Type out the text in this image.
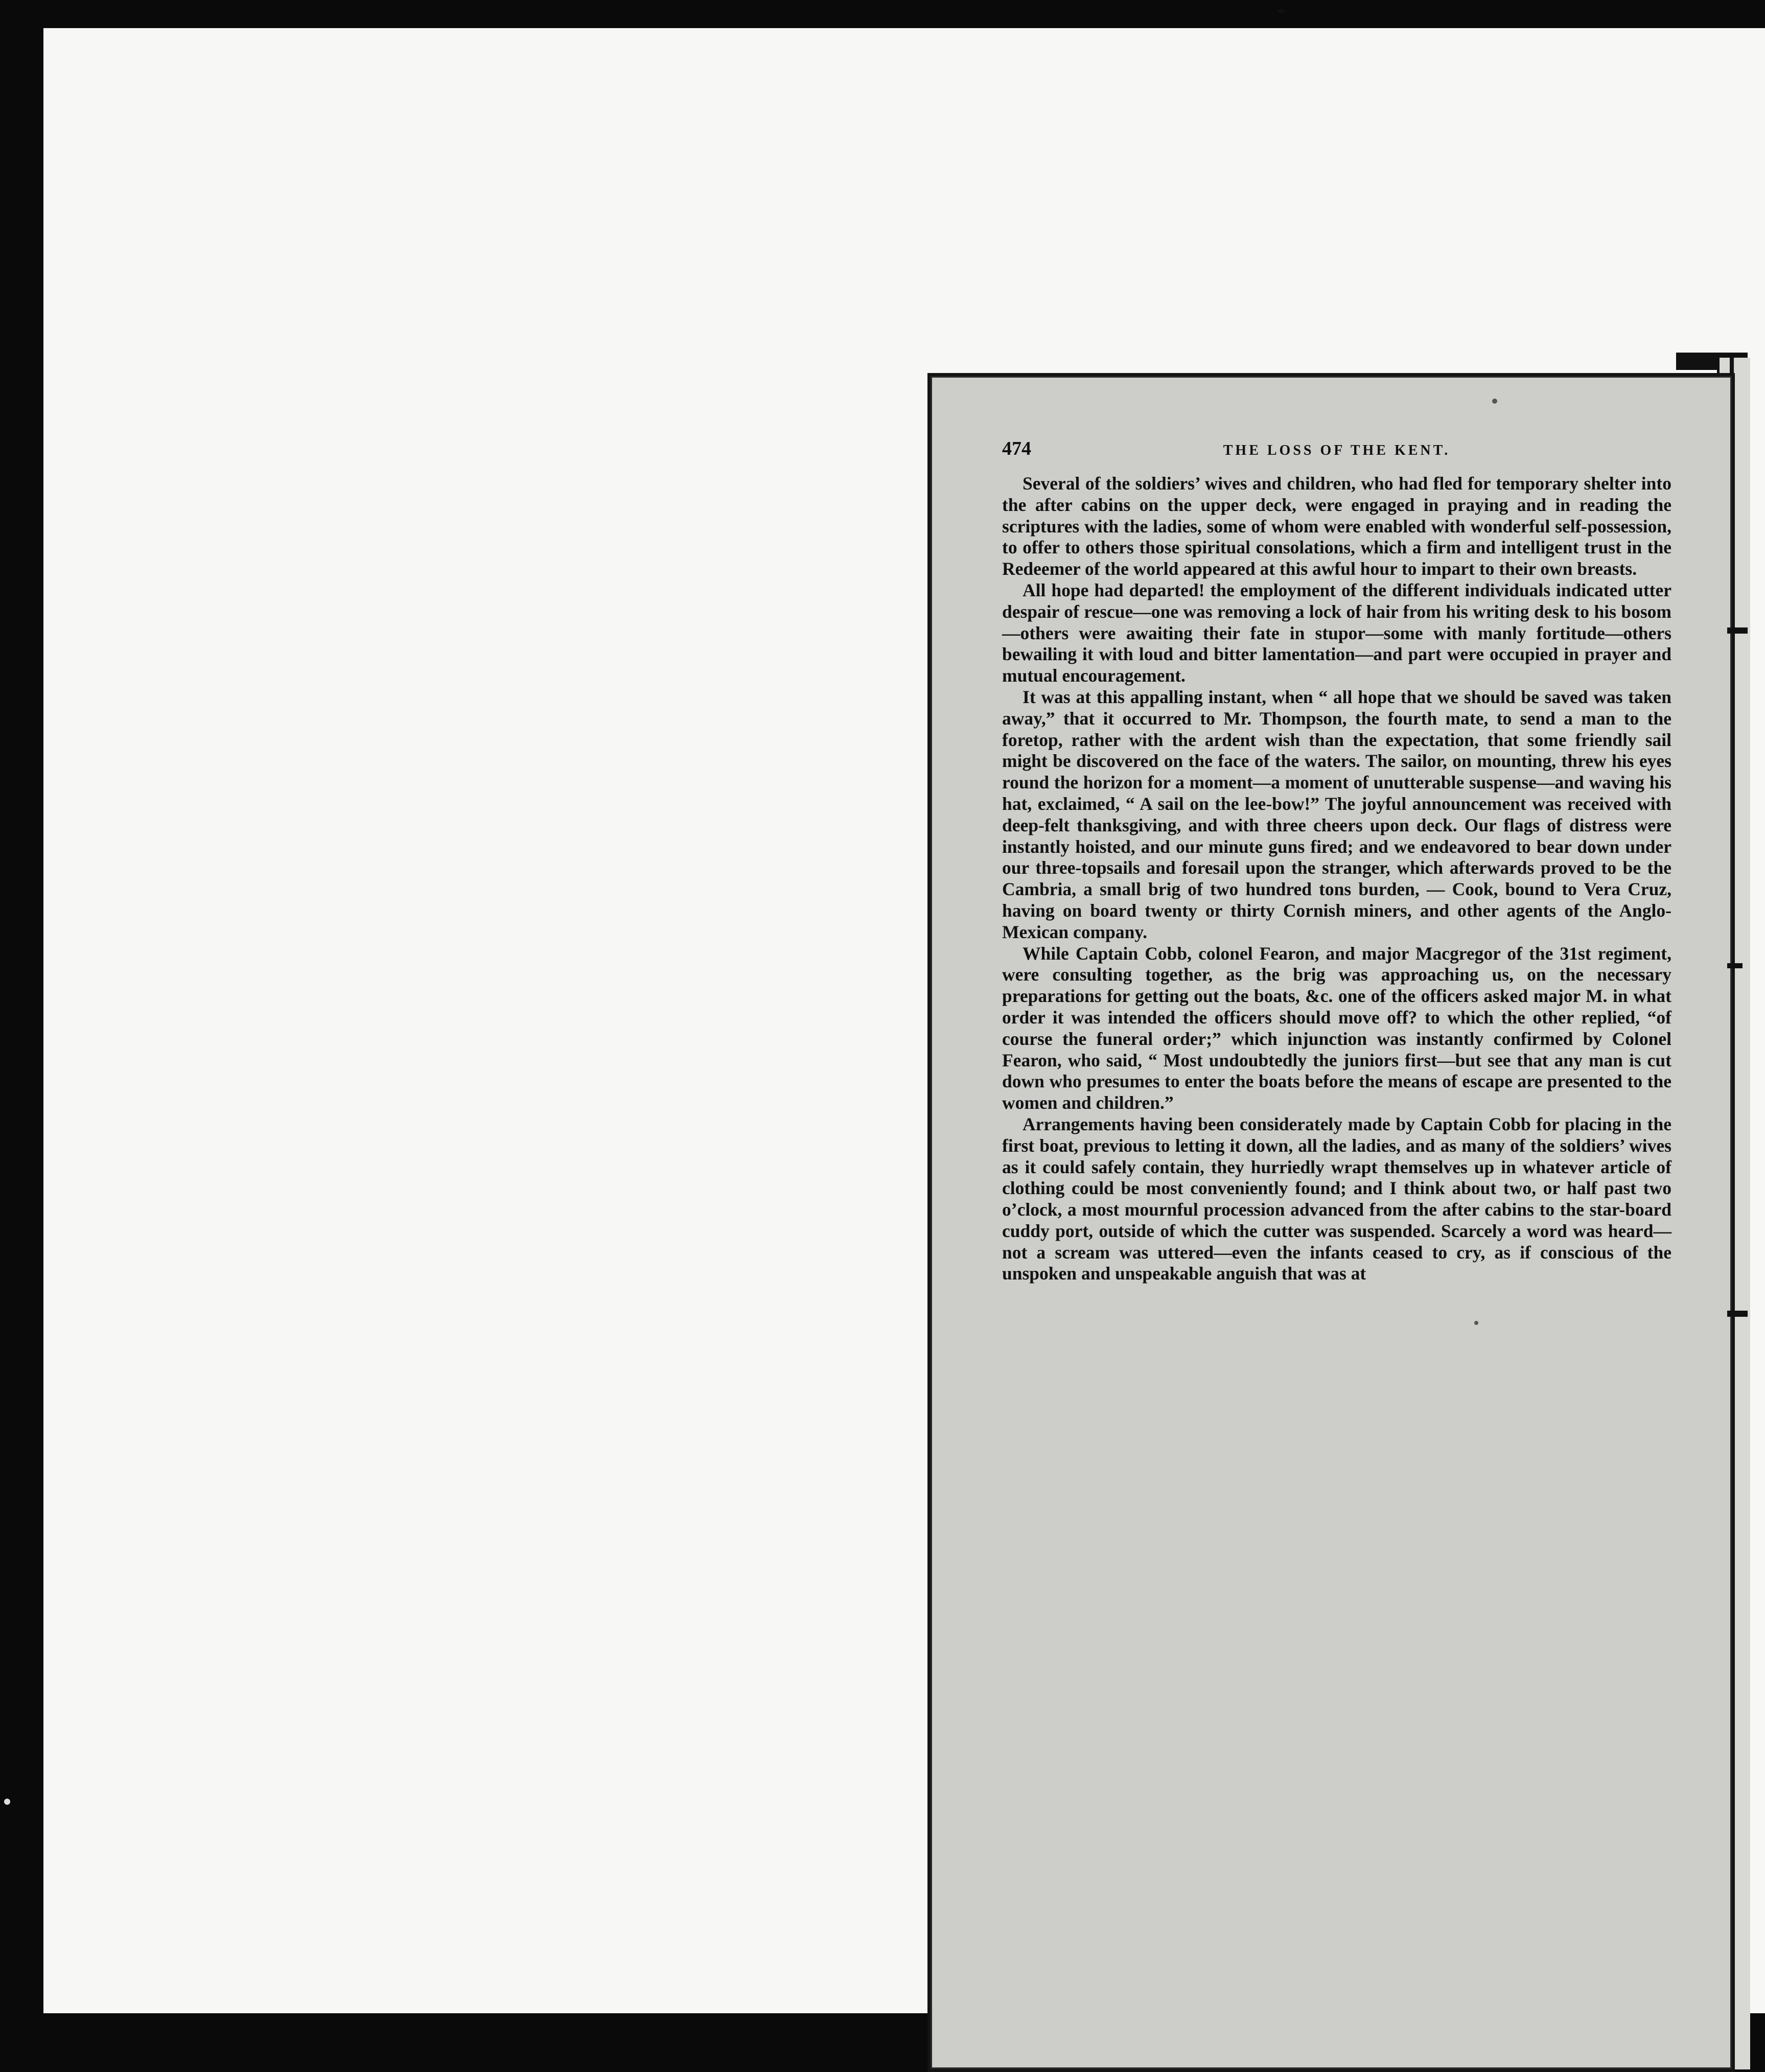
474	THE LOSS OF THE KENT.

Several of the soldiers’ wives and children, who had fled for temporary shelter into the after cabins on the upper deck, were engaged in praying and in reading the scriptures with the ladies, some of whom were enabled with wonderful self-possession, to offer to others those spiritual consolations, which a firm and intelligent trust in the Redeemer of the world appeared at this awful hour to impart to their own breasts.

All hope had departed! the employment of the different individuals indicated utter despair of rescue—one was removing a lock of hair from his writing desk to his bosom—others were awaiting their fate in stupor—some with manly fortitude—others bewailing it with loud and bitter lamentation—and part were occupied in prayer and mutual encouragement.

It was at this appalling instant, when “ all hope that we should be saved was taken away,” that it occurred to Mr. Thompson, the fourth mate, to send a man to the foretop, rather with the ardent wish than the expectation, that some friendly sail might be discovered on the face of the waters. The sailor, on mounting, threw his eyes round the horizon for a moment—a moment of unutterable suspense—and waving his hat, exclaimed, “ A sail on the lee-bow!” The joyful announcement was received with deep-felt thanksgiving, and with three cheers upon deck. Our flags of distress were instantly hoisted, and our minute guns fired; and we endeavored to bear down under our three-topsails and foresail upon the stranger, which afterwards proved to be the Cambria, a small brig of two hundred tons burden, — Cook, bound to Vera Cruz, having on board twenty or thirty Cornish miners, and other agents of the Anglo-Mexican company.

While Captain Cobb, colonel Fearon, and major Macgregor of the 31st regiment, were consulting together, as the brig was approaching us, on the necessary preparations for getting out the boats, &c. one of the officers asked major M. in what order it was intended the officers should move off? to which the other replied, “of course the funeral order;” which injunction was instantly confirmed by Colonel Fearon, who said, “ Most undoubtedly the juniors first—but see that any man is cut down who presumes to enter the boats before the means of escape are presented to the women and children.”

Arrangements having been considerately made by Captain Cobb for placing in the first boat, previous to letting it down, all the ladies, and as many of the soldiers’ wives as it could safely contain, they hurriedly wrapt themselves up in whatever article of clothing could be most conveniently found; and I think about two, or half past two o’clock, a most mournful procession advanced from the after cabins to the star-board cuddy port, outside of which the cutter was suspended. Scarcely a word was heard—not a scream was uttered—even the infants ceased to cry, as if conscious of the unspoken and unspeakable anguish that was at
